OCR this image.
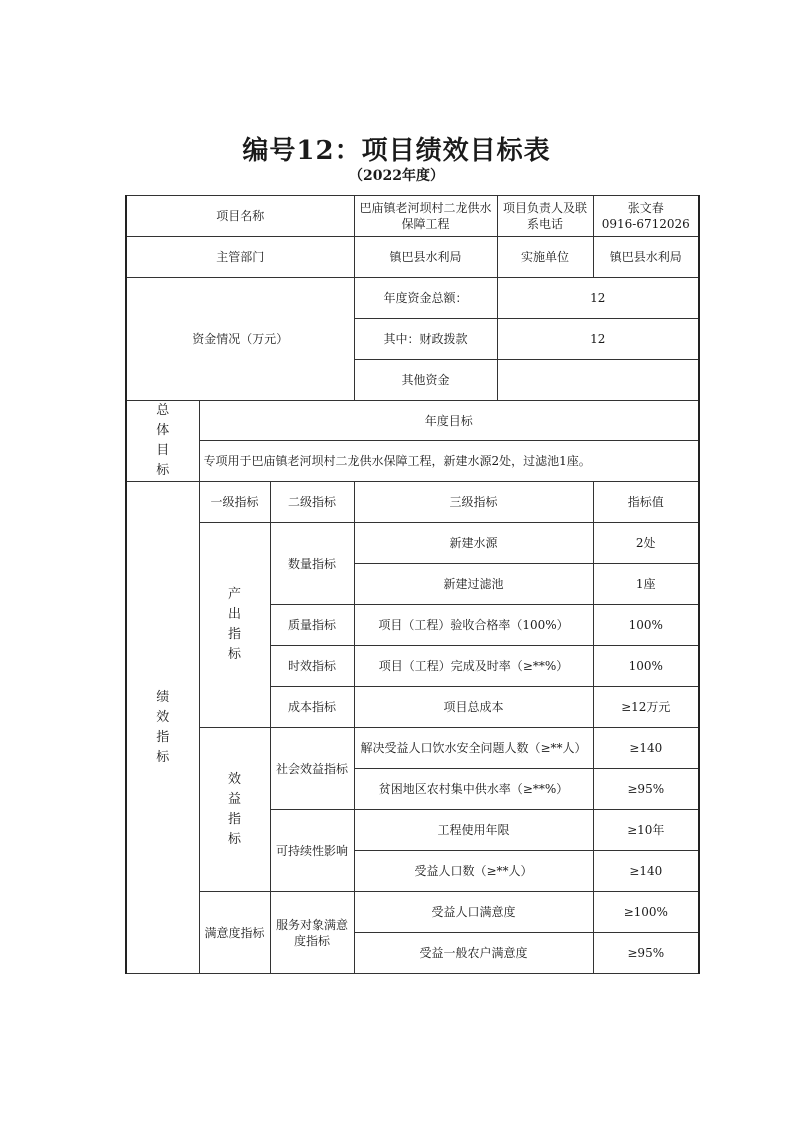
编号12：项目绩效目标表
（2022年度）
项目名称			巴庙镇老河坝村二龙供水保障工程	项目负责人及联系电话	张文春
0916-6712026

主管部门			镇巴县水利局	实施单位	镇巴县水利局
资金情况（万元）			年度资金总额：	12	
			其中：财政拨款	12	
			其他资金		
总体目标	年度目标				
	专项用于巴庙镇老河坝村二龙供水保障工程，新建水源2处，过滤池1座。				
绩效指标	一级指标	二级指标	三级指标		指标值
	产出指标	数量指标	新建水源		2处
			新建过滤池		1座
		质量指标	项目（工程）验收合格率（100%）		100%
		时效指标	项目（工程）完成及时率（≥**%）		100%
		成本指标	项目总成本		≥12万元
	效益指标	社会效益指标	解决受益人口饮水安全问题人数（≥**人）		≥140
			贫困地区农村集中供水率（≥**%）		≥95%
		可持续性影响	工程使用年限		≥10年
			受益人口数（≥**人）		≥140
	满意度指标	服务对象满意度指标	受益人口满意度		≥100%
			受益一般农户满意度		≥95%
